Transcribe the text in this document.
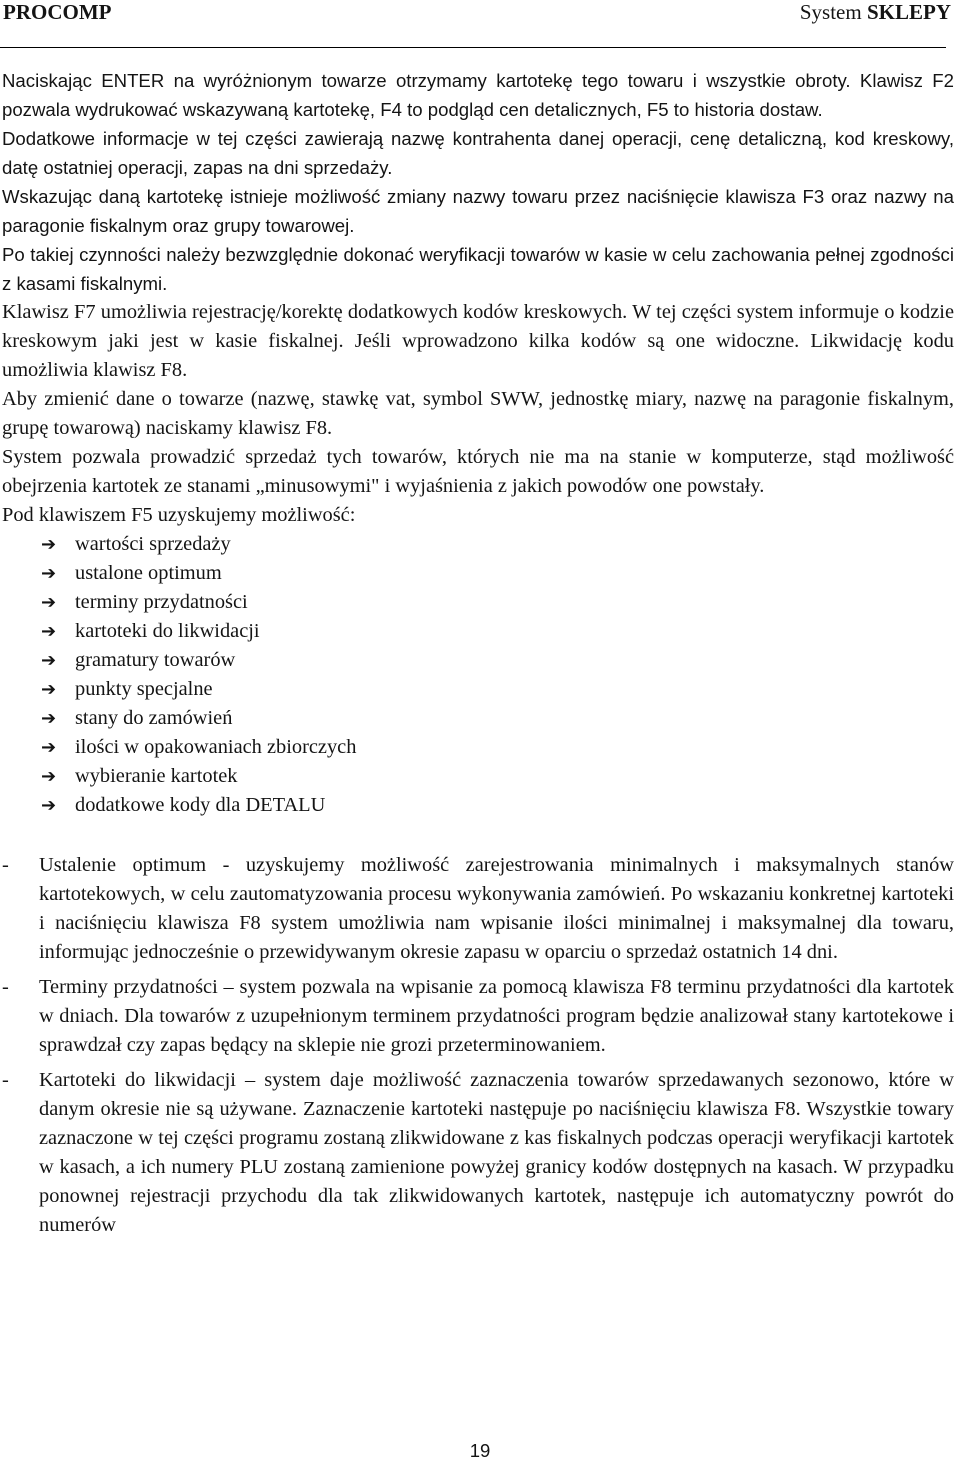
PROCOMP	System SKLEPY

Naciskając ENTER na wyróżnionym towarze otrzymamy kartotekę tego towaru i wszystkie obroty. Klawisz F2 pozwala wydrukować wskazywaną kartotekę, F4 to podgląd cen detalicznych, F5 to historia dostaw.

Dodatkowe informacje w tej części zawierają nazwę kontrahenta danej operacji, cenę detaliczną, kod kreskowy, datę ostatniej operacji, zapas na dni sprzedaży.

Wskazując daną kartotekę istnieje możliwość zmiany nazwy towaru przez naciśnięcie klawisza F3 oraz nazwy na paragonie fiskalnym oraz grupy towarowej.

Po takiej czynności należy bezwzględnie dokonać weryfikacji towarów w kasie w celu zachowania pełnej zgodności z kasami fiskalnymi.

Klawisz F7 umożliwia rejestrację/korektę dodatkowych kodów kreskowych. W tej części system informuje o kodzie kreskowym jaki jest w kasie fiskalnej. Jeśli wprowadzono kilka kodów są one widoczne. Likwidację kodu umożliwia klawisz F8.

Aby zmienić dane o towarze (nazwę, stawkę vat, symbol SWW, jednostkę miary, nazwę na paragonie fiskalnym, grupę towarową) naciskamy klawisz F8.

System pozwala prowadzić sprzedaż tych towarów, których nie ma na stanie w komputerze, stąd możliwość obejrzenia kartotek ze stanami „minusowymi" i wyjaśnienia z jakich powodów one powstały.

Pod klawiszem F5 uzyskujemy możliwość:

➔ wartości sprzedaży
➔ ustalone optimum
➔ terminy przydatności
➔ kartoteki do likwidacji
➔ gramatury towarów
➔ punkty specjalne
➔ stany do zamówień
➔ ilości w opakowaniach zbiorczych
➔ wybieranie kartotek
➔ dodatkowe kody dla DETALU

- Ustalenie optimum - uzyskujemy możliwość zarejestrowania minimalnych i maksymalnych stanów kartotekowych, w celu zautomatyzowania procesu wykonywania zamówień. Po wskazaniu konkretnej kartoteki i naciśnięciu klawisza F8 system umożliwia nam wpisanie ilości minimalnej i maksymalnej dla towaru, informując jednocześnie o przewidywanym okresie zapasu w oparciu o sprzedaż ostatnich 14 dni.

- Terminy przydatności – system pozwala na wpisanie za pomocą klawisza F8 terminu przydatności dla kartotek w dniach. Dla towarów z uzupełnionym terminem przydatności program będzie analizował stany kartotekowe i sprawdzał czy zapas będący na sklepie nie grozi przeterminowaniem.

- Kartoteki do likwidacji – system daje możliwość zaznaczenia towarów sprzedawanych sezonowo, które w danym okresie nie są używane. Zaznaczenie kartoteki następuje po naciśnięciu klawisza F8. Wszystkie towary zaznaczone w tej części programu zostaną zlikwidowane z kas fiskalnych podczas operacji weryfikacji kartotek w kasach, a ich numery PLU zostaną zamienione powyżej granicy kodów dostępnych na kasach. W przypadku ponownej rejestracji przychodu dla tak zlikwidowanych kartotek, następuje ich automatyczny powrót do numerów

19
